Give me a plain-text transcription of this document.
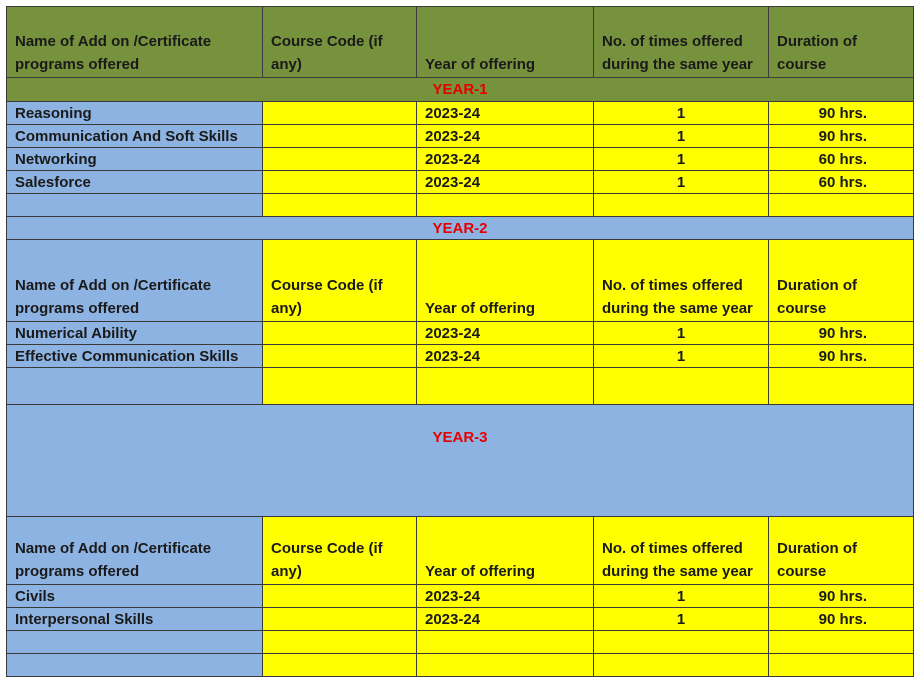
Name of Add on /Certificate programs offered	Course Code (if any)	Year of offering	No. of times offered during the same year	Duration of course
YEAR-1				
Reasoning		2023-24	1	90 hrs.
Communication And Soft Skills		2023-24	1	90 hrs.
Networking		2023-24	1	60 hrs.
Salesforce		2023-24	1	60 hrs.

YEAR-2				
Name of Add on /Certificate programs offered	Course Code (if any)	Year of offering	No. of times offered during the same year	Duration of course
Numerical Ability		2023-24	1	90 hrs.
Effective Communication Skills		2023-24	1	90 hrs.

YEAR-3				
Name of Add on /Certificate programs offered	Course Code (if any)	Year of offering	No. of times offered during the same year	Duration of course
Civils		2023-24	1	90 hrs.
Interpersonal Skills		2023-24	1	90 hrs.
